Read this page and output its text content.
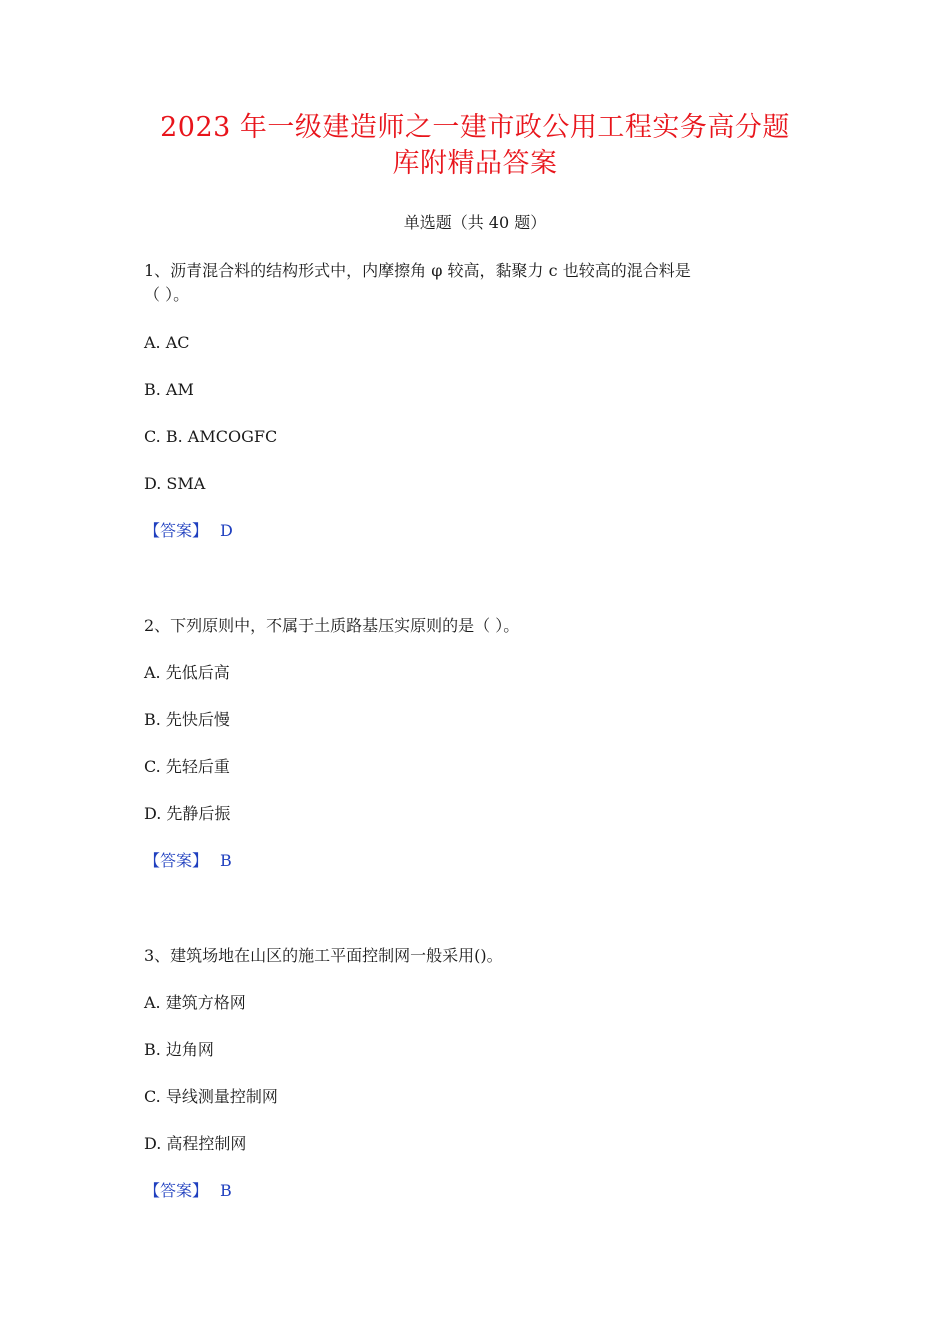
2023 年一级建造师之一建市政公用工程实务高分题
库附精品答案
单选题（共 40 题）
1、沥青混合料的结构形式中，内摩擦角 φ 较高，黏聚力 c 也较高的混合料是
（ ）。
A. AC
B. AM
C. B. AMCOGFC
D. SMA
【答案】 D
2、下列原则中，不属于土质路基压实原则的是（ ）。
A. 先低后高
B. 先快后慢
C. 先轻后重
D. 先静后振
【答案】 B
3、建筑场地在山区的施工平面控制网一般采用()。
A. 建筑方格网
B. 边角网
C. 导线测量控制网
D. 高程控制网
【答案】 B
